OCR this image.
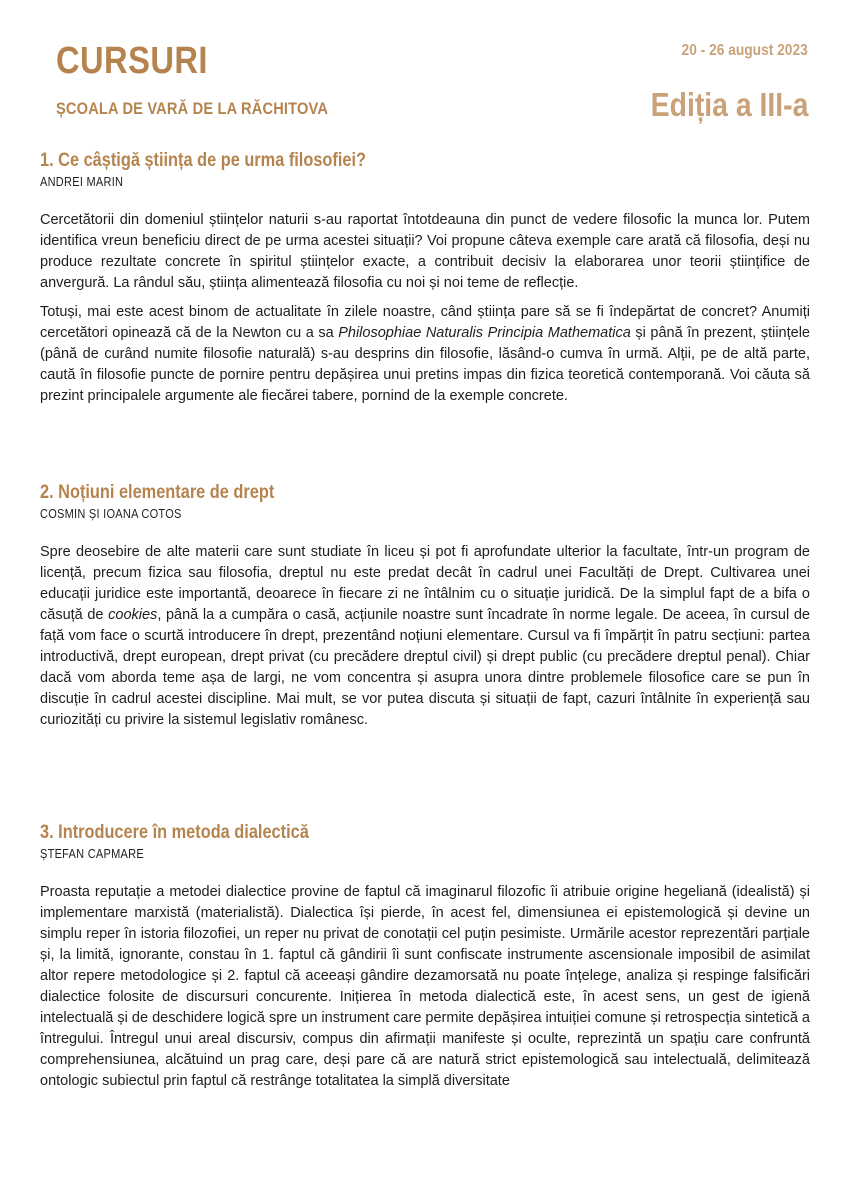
CURSURI
ȘCOALA DE VARĂ DE LA RĂCHITOVA
20 - 26 august 2023
Ediția a III-a
1. Ce câștigă știința de pe urma filosofiei?
ANDREI MARIN

Cercetătorii din domeniul științelor naturii s-au raportat întotdeauna din punct de vedere filosofic la munca lor. Putem identifica vreun beneficiu direct de pe urma acestei situații? Voi propune câteva exemple care arată că filosofia, deși nu produce rezultate concrete în spiritul științelor exacte, a contribuit decisiv la elaborarea unor teorii științifice de anvergură. La rândul său, știința alimentează filosofia cu noi și noi teme de reflecție.

Totuși, mai este acest binom de actualitate în zilele noastre, când știința pare să se fi îndepărtat de concret? Anumiți cercetători opinează că de la Newton cu a sa Philosophiae Naturalis Principia Mathematica și până în prezent, științele (până de curând numite filosofie naturală) s-au desprins din filosofie, lăsând-o cumva în urmă. Alții, pe de altă parte, caută în filosofie puncte de pornire pentru depășirea unui pretins impas din fizica teoretică contemporană. Voi căuta să prezint principalele argumente ale fiecărei tabere, pornind de la exemple concrete.

2. Noțiuni elementare de drept
COSMIN ȘI IOANA COTOS

Spre deosebire de alte materii care sunt studiate în liceu și pot fi aprofundate ulterior la facultate, într-un program de licență, precum fizica sau filosofia, dreptul nu este predat decât în cadrul unei Facultăți de Drept. Cultivarea unei educații juridice este importantă, deoarece în fiecare zi ne întâlnim cu o situație juridică. De la simplul fapt de a bifa o căsuță de cookies, până la a cumpăra o casă, acțiunile noastre sunt încadrate în norme legale. De aceea, în cursul de față vom face o scurtă introducere în drept, prezentând noțiuni elementare. Cursul va fi împărțit în patru secțiuni: partea introductivă, drept european, drept privat (cu precădere dreptul civil) și drept public (cu precădere dreptul penal). Chiar dacă vom aborda teme așa de largi, ne vom concentra și asupra unora dintre problemele filosofice care se pun în discuție în cadrul acestei discipline. Mai mult, se vor putea discuta și situații de fapt, cazuri întâlnite în experiență sau curiozități cu privire la sistemul legislativ românesc.

3. Introducere în metoda dialectică
ȘTEFAN CAPMARE

Proasta reputație a metodei dialectice provine de faptul că imaginarul filozofic îi atribuie origine hegeliană (idealistă) și implementare marxistă (materialistă). Dialectica își pierde, în acest fel, dimensiunea ei epistemologică și devine un simplu reper în istoria filozofiei, un reper nu privat de conotații cel puțin pesimiste. Urmările acestor reprezentări parțiale și, la limită, ignorante, constau în 1. faptul că gândirii îi sunt confiscate instrumente ascensionale imposibil de asimilat altor repere metodologice și 2. faptul că aceeași gândire dezamorsată nu poate înțelege, analiza și respinge falsificări dialectice folosite de discursuri concurente. Inițierea în metoda dialectică este, în acest sens, un gest de igienă intelectuală și de deschidere logică spre un instrument care permite depășirea intuiției comune și retrospecția sintetică a întregului. Întregul unui areal discursiv, compus din afirmații manifeste și oculte, reprezintă un spațiu care confruntă comprehensiunea, alcătuind un prag care, deși pare că are natură strict epistemologică sau intelectuală, delimitează ontologic subiectul prin faptul că restrânge totalitatea la simplă diversitate
